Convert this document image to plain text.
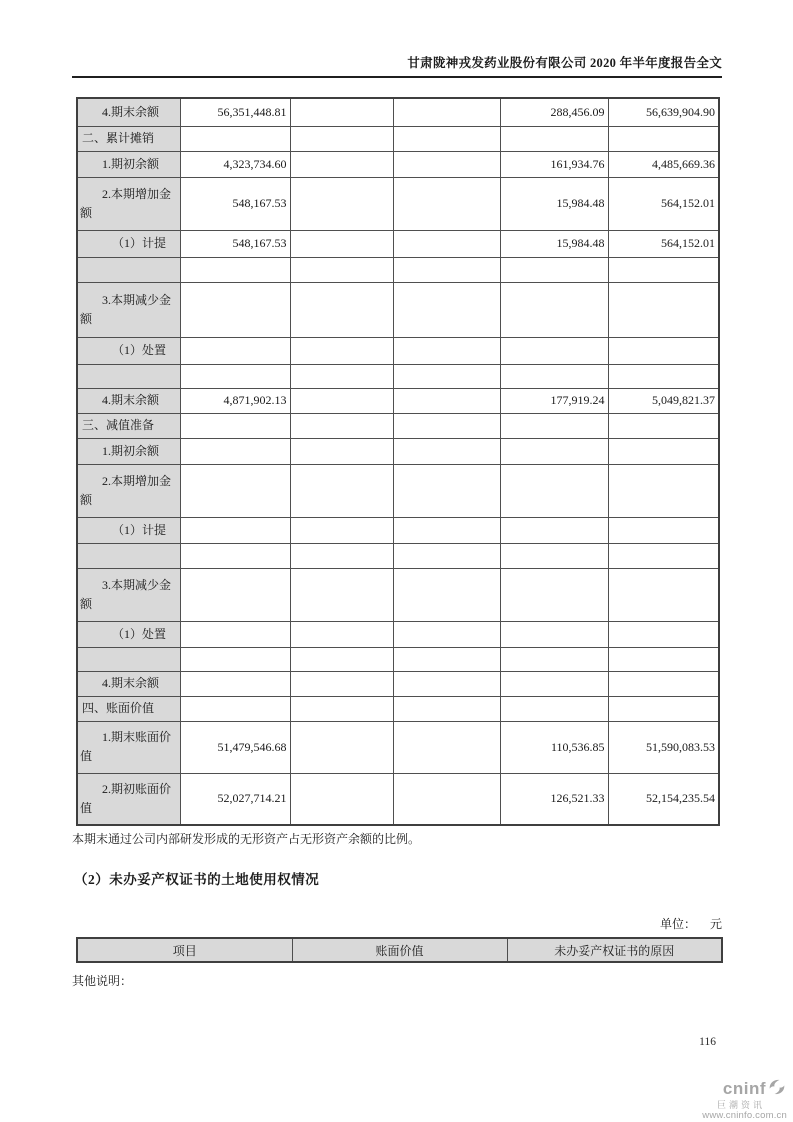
甘肃陇神戎发药业股份有限公司 2020 年半年度报告全文
4.期末余额	56,351,448.81			288,456.09	56,639,904.90
二、累计摊销					
1.期初余额	4,323,734.60			161,934.76	4,485,669.36
2.本期增加金额	548,167.53			15,984.48	564,152.01
（1）计提	548,167.53			15,984.48	564,152.01

3.本期减少金额					
（1）处置					

4.期末余额	4,871,902.13			177,919.24	5,049,821.37
三、减值准备					
1.期初余额					
2.本期增加金额					
（1）计提					

3.本期减少金额					
（1）处置					

4.期末余额					
四、账面价值					
1.期末账面价值	51,479,546.68			110,536.85	51,590,083.53
2.期初账面价值	52,027,714.21			126,521.33	52,154,235.54
本期末通过公司内部研发形成的无形资产占无形资产余额的比例。
（2）未办妥产权证书的土地使用权情况
单位： 元
项目	账面价值	未办妥产权证书的原因
其他说明：
116
cninf
巨潮资讯
www.cninfo.com.cn
